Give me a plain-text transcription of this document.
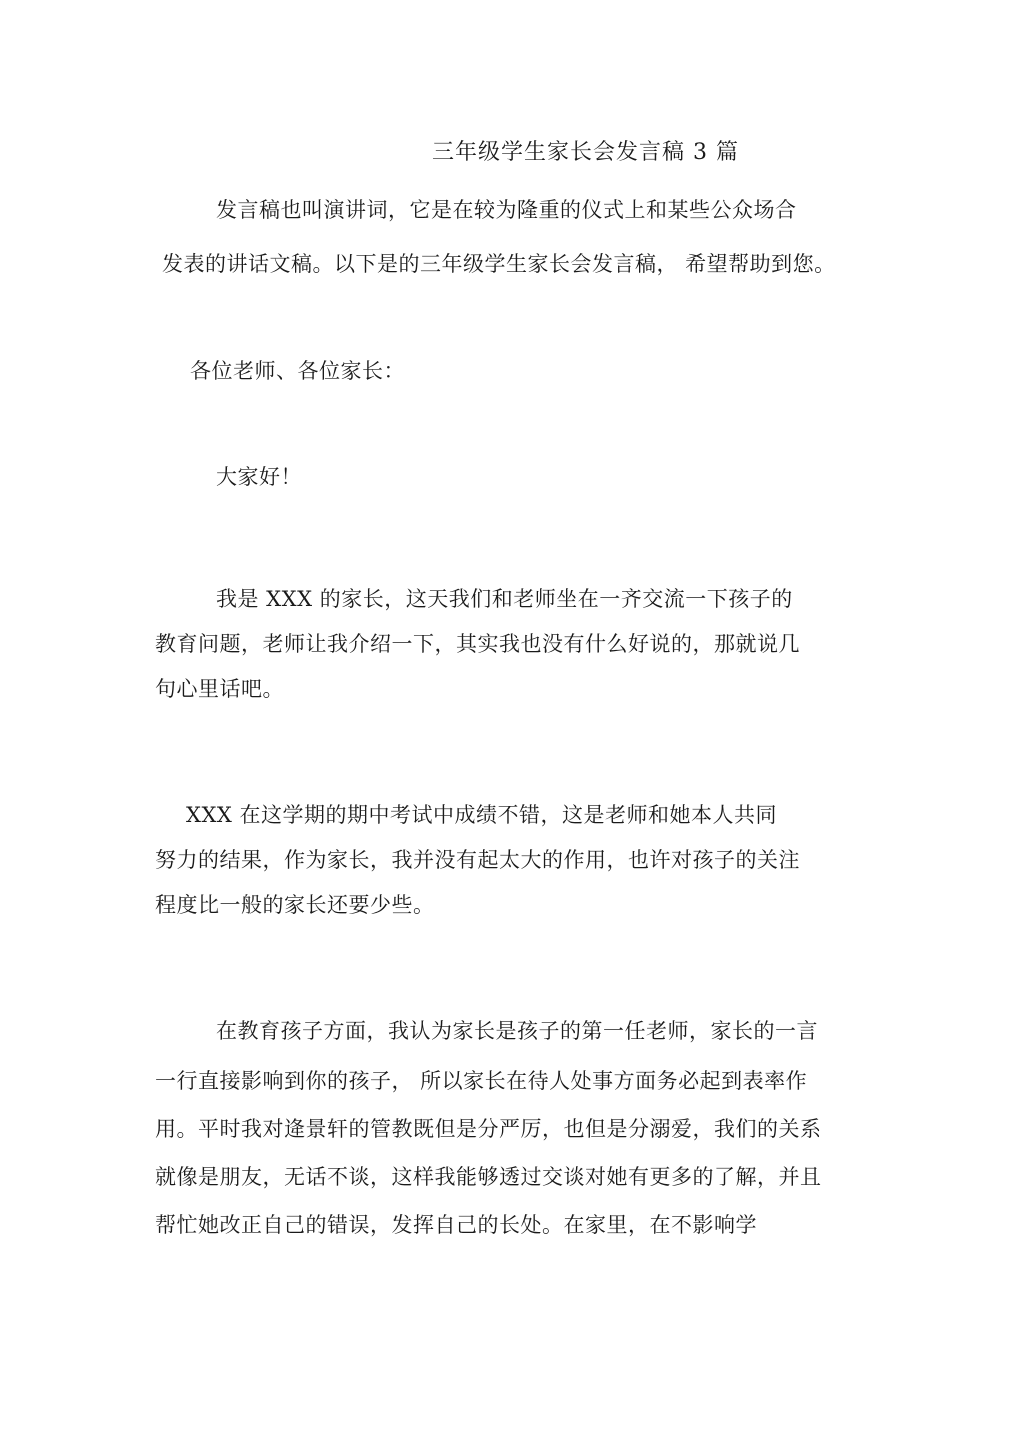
三年级学生家长会发言稿 3 篇
发言稿也叫演讲词，它是在较为隆重的仪式上和某些公众场合
发表的讲话文稿。以下是的三年级学生家长会发言稿， 希望帮助到您。
各位老师、各位家长：
大家好！
我是 XXX 的家长，这天我们和老师坐在一齐交流一下孩子的
教育问题，老师让我介绍一下，其实我也没有什么好说的，那就说几
句心里话吧。
XXX 在这学期的期中考试中成绩不错，这是老师和她本人共同
努力的结果，作为家长，我并没有起太大的作用，也许对孩子的关注
程度比一般的家长还要少些。
在教育孩子方面，我认为家长是孩子的第一任老师，家长的一言
一行直接影响到你的孩子， 所以家长在待人处事方面务必起到表率作
用。平时我对逄景轩的管教既但是分严厉，也但是分溺爱，我们的关系
就像是朋友，无话不谈，这样我能够透过交谈对她有更多的了解，并且
帮忙她改正自己的错误，发挥自己的长处。在家里，在不影响学
